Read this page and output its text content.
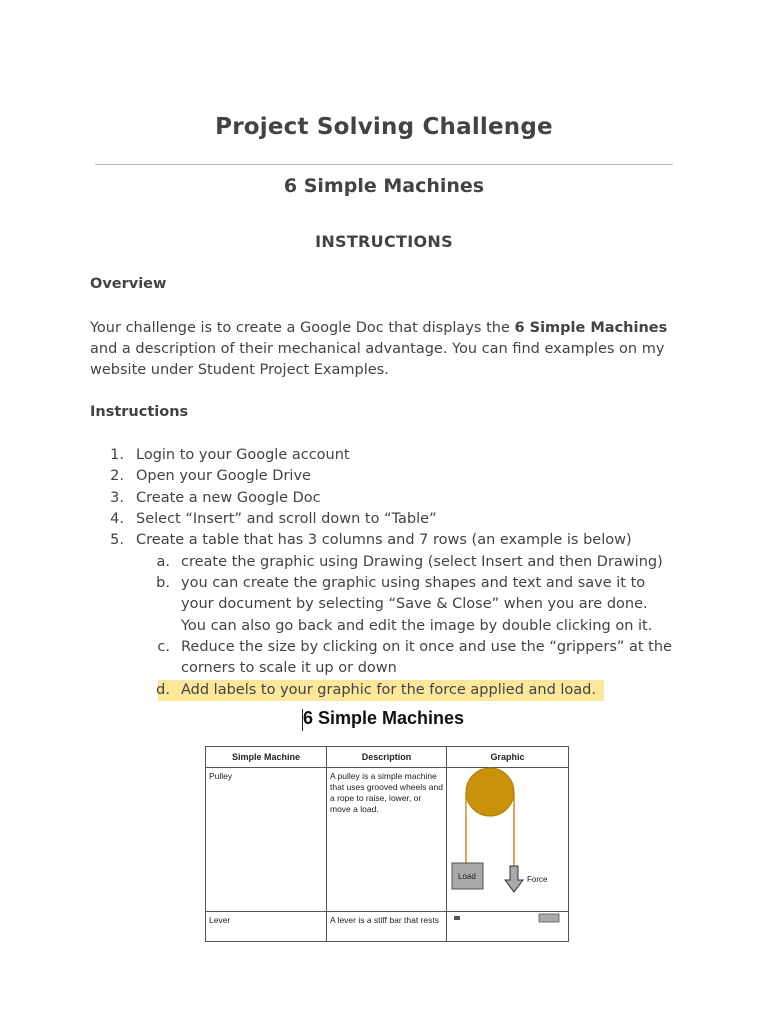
Project Solving Challenge
6 Simple Machines
INSTRUCTIONS
Overview
Your challenge is to create a Google Doc that displays the 6 Simple Machines and a description of their mechanical advantage. You can find examples on my website under Student Project Examples.
Instructions
1. Login to your Google account
2. Open your Google Drive
3. Create a new Google Doc
4. Select “Insert” and scroll down to “Table”
5. Create a table that has 3 columns and 7 rows (an example is below)
a. create the graphic using Drawing (select Insert and then Drawing)
b. you can create the graphic using shapes and text and save it to
your document by selecting “Save & Close” when you are done.
You can also go back and edit the image by double clicking on it.
c. Reduce the size by clicking on it once and use the “grippers” at the
corners to scale it up or down
d. Add labels to your graphic for the force applied and load.
6 Simple Machines
Simple Machine	Description	Graphic
Pulley	A pulley is a simple machine that uses grooved wheels and a rope to raise, lower, or move a load.	Load Force

Lever	A lever is a stiff bar that rests	
